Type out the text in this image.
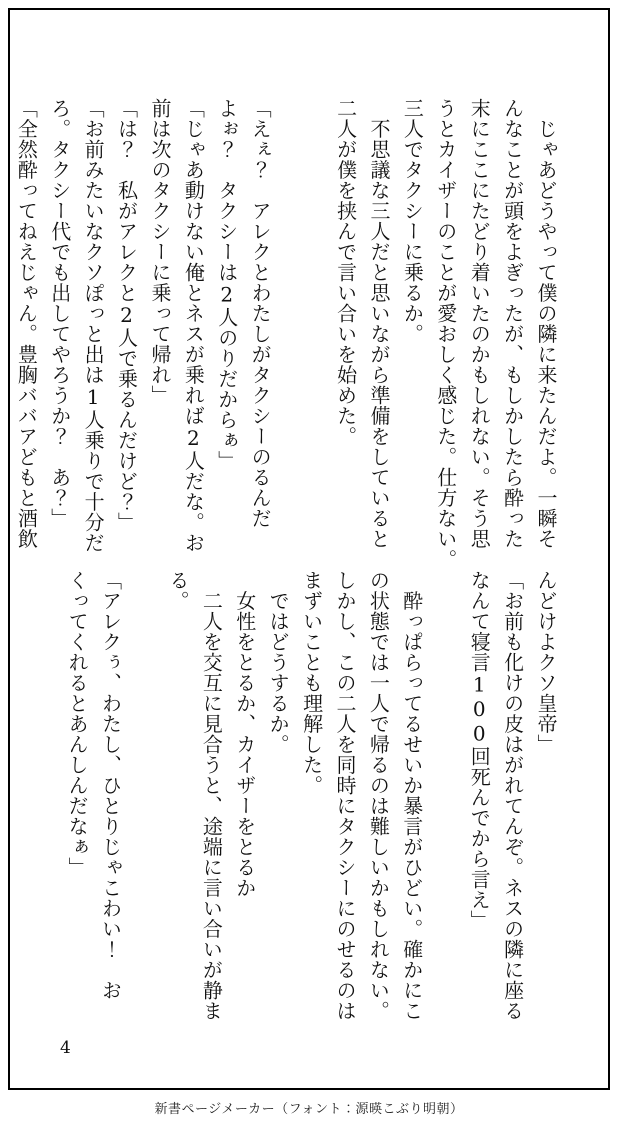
　じゃあどうやって僕の隣に来たんだよ。一瞬そ

んなことが頭をよぎったが、もしかしたら酔った

末にここにたどり着いたのかもしれない。そう思

うとカイザーのことが愛おしく感じた。仕方ない。

三人でタクシーに乗るか。

　不思議な三人だと思いながら準備をしていると

二人が僕を挟んで言い合いを始めた。

「えぇ？　アレクとわたしがタクシーのるんだ

よぉ？　タクシーは2人のりだからぁ」

「じゃあ動けない俺とネスが乗れば2人だな。お

前は次のタクシーに乗って帰れ」

「は？　私がアレクと2人で乗るんだけど？」

「お前みたいなクソぽっと出は1人乗りで十分だ

ろ。タクシー代でも出してやろうか？　あ？」

「全然酔ってねえじゃん。豊胸ババアどもと酒飲

んどけよクソ皇帝」

「お前も化けの皮はがれてんぞ。ネスの隣に座る

なんて寝言100回死んでから言え」

　酔っぱらってるせいか暴言がひどい。確かにこ

の状態では一人で帰るのは難しいかもしれない。

しかし、この二人を同時にタクシーにのせるのは

まずいことも理解した。

　ではどうするか。

　女性をとるか、カイザーをとるか

　二人を交互に見合うと、途端に言い合いが静ま

る。

「アレクぅ、わたし、ひとりじゃこわい！　お

くってくれるとあんしんだなぁ」

4
新書ページメーカー（フォント：源暎こぶり明朝）
